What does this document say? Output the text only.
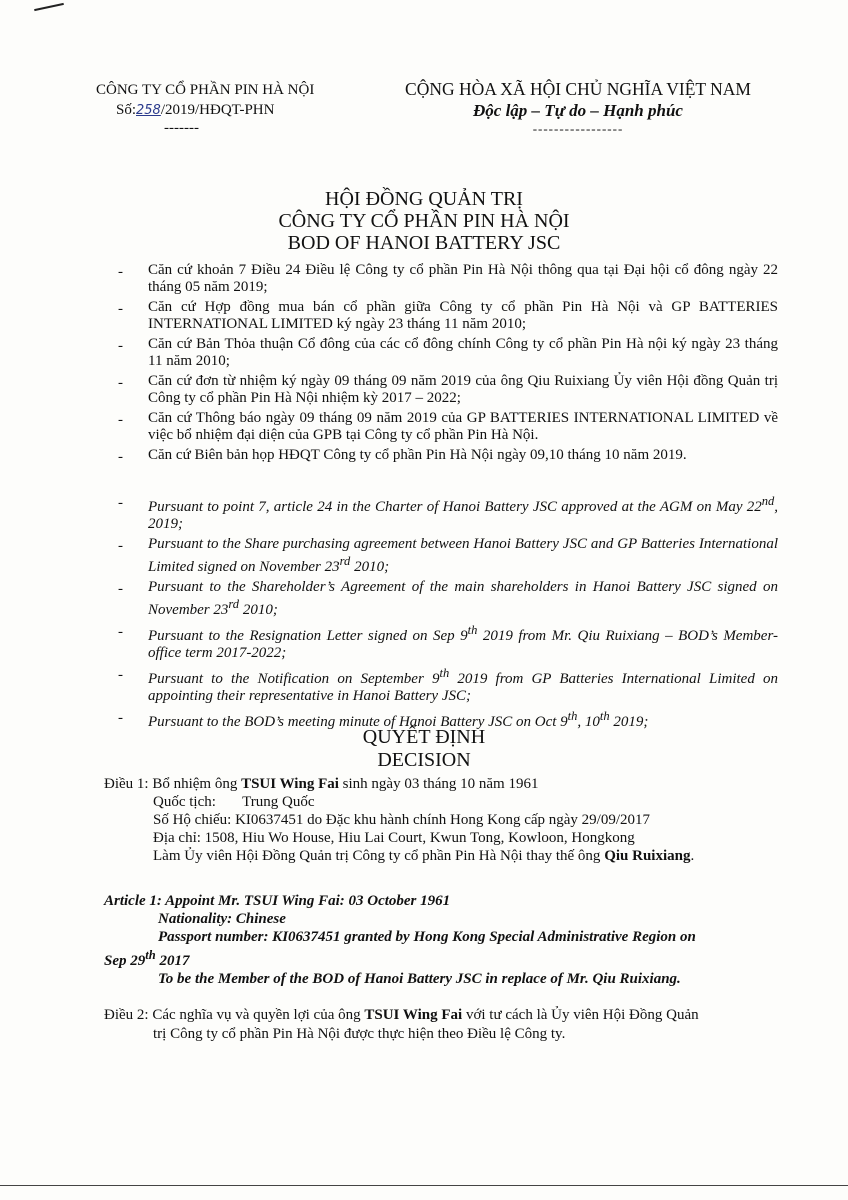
CÔNG TY CỔ PHẦN PIN HÀ NỘI
Số:258/2019/HĐQT-PHN
-------
CỘNG HÒA XÃ HỘI CHỦ NGHĨA VIỆT NAM
Độc lập – Tự do – Hạnh phúc
-----------------
HỘI ĐỒNG QUẢN TRỊ
CÔNG TY CỔ PHẦN PIN HÀ NỘI
BOD OF HANOI BATTERY JSC
- Căn cứ khoản 7 Điều 24 Điều lệ Công ty cổ phần Pin Hà Nội thông qua tại Đại hội cổ đông ngày 22 tháng 05 năm 2019;
- Căn cứ Hợp đồng mua bán cổ phần giữa Công ty cổ phần Pin Hà Nội và GP BATTERIES INTERNATIONAL LIMITED ký ngày 23 tháng 11 năm 2010;
- Căn cứ Bản Thỏa thuận Cổ đông của các cổ đông chính Công ty cổ phần Pin Hà nội ký ngày 23 tháng 11 năm 2010;
- Căn cứ đơn từ nhiệm ký ngày 09 tháng 09 năm 2019 của ông Qiu Ruixiang Ủy viên Hội đồng Quản trị Công ty cổ phần Pin Hà Nội nhiệm kỳ 2017 – 2022;
- Căn cứ Thông báo ngày 09 tháng 09 năm 2019 của GP BATTERIES INTERNATIONAL LIMITED về việc bổ nhiệm đại diện của GPB tại Công ty cổ phần Pin Hà Nội.
- Căn cứ Biên bản họp HĐQT Công ty cổ phần Pin Hà Nội ngày 09,10 tháng 10 năm 2019.
- Pursuant to point 7, article 24 in the Charter of Hanoi Battery JSC approved at the AGM on May 22nd, 2019;
- Pursuant to the Share purchasing agreement between Hanoi Battery JSC and GP Batteries International Limited signed on November 23rd 2010;
- Pursuant to the Shareholder’s Agreement of the main shareholders in Hanoi Battery JSC signed on November 23rd 2010;
- Pursuant to the Resignation Letter signed on Sep 9th 2019 from Mr. Qiu Ruixiang – BOD’s Member-office term 2017-2022;
- Pursuant to the Notification on September 9th 2019 from GP Batteries International Limited on appointing their representative in Hanoi Battery JSC;
- Pursuant to the BOD’s meeting minute of Hanoi Battery JSC on Oct 9th, 10th 2019;
QUYẾT ĐỊNH
DECISION
Điều 1: Bổ nhiệm ông TSUI Wing Fai sinh ngày 03 tháng 10 năm 1961
Quốc tịch: Trung Quốc
Số Hộ chiếu: KI0637451 do Đặc khu hành chính Hong Kong cấp ngày 29/09/2017
Địa chỉ: 1508, Hiu Wo House, Hiu Lai Court, Kwun Tong, Kowloon, Hongkong
Làm Ủy viên Hội Đồng Quản trị Công ty cổ phần Pin Hà Nội thay thế ông Qiu Ruixiang.
Article 1: Appoint Mr. TSUI Wing Fai: 03 October 1961
Nationality: Chinese
Passport number: KI0637451 granted by Hong Kong Special Administrative Region on
Sep 29th 2017
To be the Member of the BOD of Hanoi Battery JSC in replace of Mr. Qiu Ruixiang.
Điều 2: Các nghĩa vụ và quyền lợi của ông TSUI Wing Fai với tư cách là Ủy viên Hội Đồng Quản
trị Công ty cổ phần Pin Hà Nội được thực hiện theo Điều lệ Công ty.
